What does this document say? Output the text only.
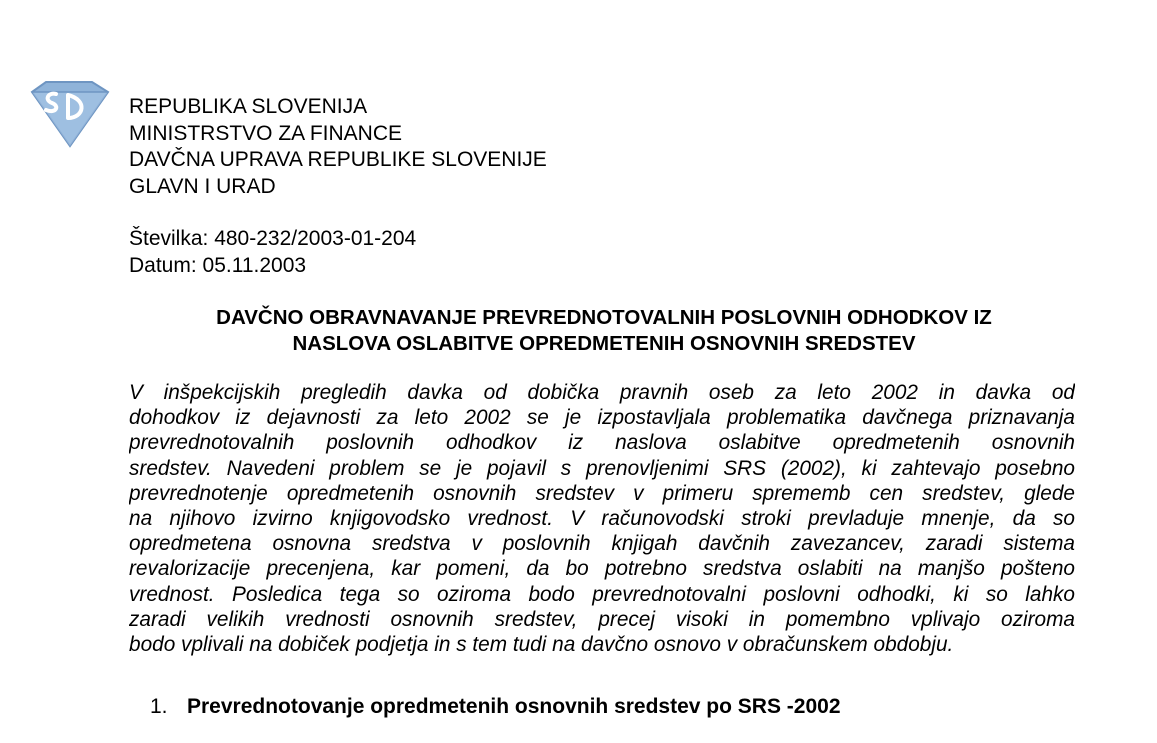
REPUBLIKA SLOVENIJA
MINISTRSTVO ZA FINANCE
DAVČNA UPRAVA REPUBLIKE SLOVENIJE
GLAVN I URAD
Številka: 480-232/2003-01-204
Datum: 05.11.2003
DAVČNO OBRAVNAVANJE PREVREDNOTOVALNIH POSLOVNIH ODHODKOV IZ
NASLOVA OSLABITVE OPREDMETENIH OSNOVNIH SREDSTEV
V inšpekcijskih pregledih davka od dobička pravnih oseb za leto 2002 in davka od
dohodkov iz dejavnosti za leto 2002 se je izpostavljala problematika davčnega priznavanja
prevrednotovalnih poslovnih odhodkov iz naslova oslabitve opredmetenih osnovnih
sredstev. Navedeni problem se je pojavil s prenovljenimi SRS (2002), ki zahtevajo posebno
prevrednotenje opredmetenih osnovnih sredstev v primeru sprememb cen sredstev, glede
na njihovo izvirno knjigovodsko vrednost. V računovodski stroki prevladuje mnenje, da so
opredmetena osnovna sredstva v poslovnih knjigah davčnih zavezancev, zaradi sistema
revalorizacije precenjena, kar pomeni, da bo potrebno sredstva oslabiti na manjšo pošteno
vrednost. Posledica tega so oziroma bodo prevrednotovalni poslovni odhodki, ki so lahko
zaradi velikih vrednosti osnovnih sredstev, precej visoki in pomembno vplivajo oziroma
bodo vplivali na dobiček podjetja in s tem tudi na davčno osnovo v obračunskem obdobju.
1. Prevrednotovanje opredmetenih osnovnih sredstev po SRS -2002
